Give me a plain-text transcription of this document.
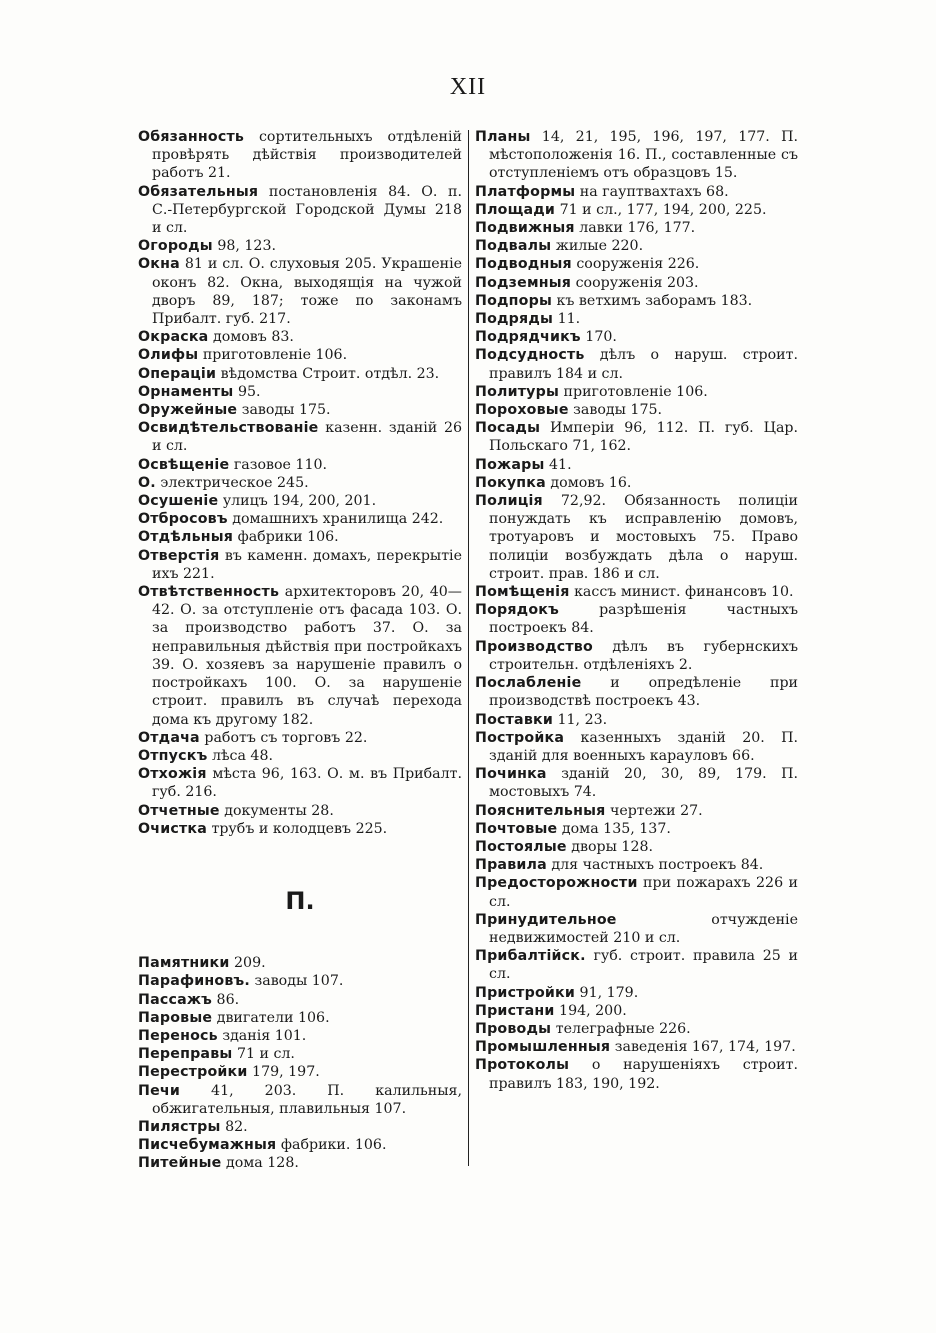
XII
Обязанность сортительныхъ отдѣленій провѣрять дѣйствія производителей работъ 21.
Обязательныя постановленія 84. О. п. С.-Петербургской Городской Думы 218 и сл.
Огороды 98, 123.
Окна 81 и сл. О. слуховыя 205. Украшеніе оконъ 82. Окна, выходящія на чужой дворъ 89, 187; тоже по законамъ Прибалт. губ. 217.
Окраска домовъ 83.
Олифы приготовленіе 106.
Операціи вѣдомства Строит. отдѣл. 23.
Орнаменты 95.
Оружейные заводы 175.
Освидѣтельствованіе казенн. зданій 26 и сл.
Освѣщеніе газовое 110.
О. электрическое 245.
Осушеніе улицъ 194, 200, 201.
Отбросовъ домашнихъ хранилища 242.
Отдѣльныя фабрики 106.
Отверстія въ каменн. домахъ, перекрытіе ихъ 221.
Отвѣтственность архитекторовъ 20, 40—42. О. за отступленіе отъ фасада 103. О. за производство работъ 37. О. за неправильныя дѣйствія при постройкахъ 39. О. хозяевъ за нарушеніе правилъ о постройкахъ 100. О. за нарушеніе строит. правилъ въ случаѣ перехода дома къ другому 182.
Отдача работъ съ торговъ 22.
Отпускъ лѣса 48.
Отхожія мѣста 96, 163. О. м. въ Прибалт. губ. 216.
Отчетные документы 28.
Очистка трубъ и колодцевъ 225.
П.
Памятники 209.
Парафиновъ. заводы 107.
Пассажъ 86.
Паровые двигатели 106.
Перенось зданія 101.
Переправы 71 и сл.
Перестройки 179, 197.
Печи 41, 203. П. калильныя, обжигательныя, плавильныя 107.
Пилястры 82.
Писчебумажныя фабрики. 106.
Питейные дома 128.
Планы 14, 21, 195, 196, 197, 177. П. мѣстоположенія 16. П., составленные съ отступленіемъ отъ образцовъ 15.
Платформы на гауптвахтахъ 68.
Площади 71 и сл., 177, 194, 200, 225.
Подвижныя лавки 176, 177.
Подвалы жилые 220.
Подводныя сооруженія 226.
Подземныя сооруженія 203.
Подпоры къ ветхимъ заборамъ 183.
Подряды 11.
Подрядчикъ 170.
Подсудность дѣлъ о наруш. строит. правилъ 184 и сл.
Политуры приготовленіе 106.
Пороховые заводы 175.
Посады Имперіи 96, 112. П. губ. Цар. Польскаго 71, 162.
Пожары 41.
Покупка домовъ 16.
Полиція 72,92. Обязанность полиціи понуждать къ исправленію домовъ, тротуаровъ и мостовыхъ 75. Право полиціи возбуждать дѣла о наруш. строит. прав. 186 и сл.
Помѣщенія кассъ минист. финансовъ 10.
Порядокъ	разрѣшенія частныхъ построекъ 84.
Производство дѣлъ въ губернскихъ строительн. отдѣленіяхъ 2.
Послабленіе и опредѣленіе при производствѣ построекъ 43.
Поставки 11, 23.
Постройка казенныхъ зданій 20. П. зданій для военныхъ карауловъ 66.
Починка зданій 20, 30, 89, 179. П. мостовыхъ 74.
Пояснительныя чертежи 27.
Почтовые дома 135, 137.
Постоялые дворы 128.
Правила для частныхъ построекъ 84.
Предосторожности при пожарахъ 226 и сл.
Принудительное	отчужденіе недвижимостей 210 и сл.
Прибалтійск. губ. строит. правила 25 и сл.
Пристройки 91, 179.
Пристани 194, 200.
Проводы телеграфные 226.
Промышленныя заведенія 167, 174, 197.
Протоколы о нарушеніяхъ строит. правилъ 183, 190, 192.
